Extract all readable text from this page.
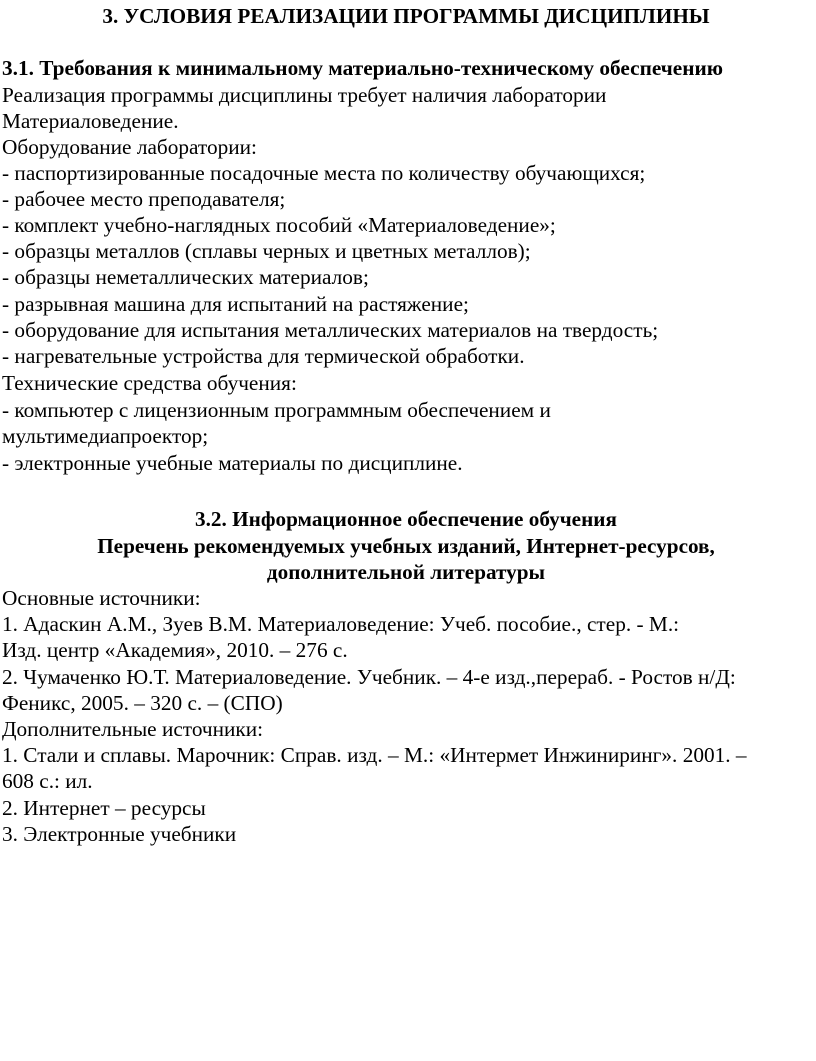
3. УСЛОВИЯ РЕАЛИЗАЦИИ ПРОГРАММЫ ДИСЦИПЛИНЫ
3.1. Требования к минимальному материально-техническому обеспечению
Реализация программы дисциплины требует наличия лаборатории
Материаловедение.
Оборудование лаборатории:
- паспортизированные посадочные места по количеству обучающихся;
- рабочее место преподавателя;
- комплект учебно-наглядных пособий «Материаловедение»;
- образцы металлов (сплавы черных и цветных металлов);
- образцы неметаллических материалов;
- разрывная машина для испытаний на растяжение;
- оборудование для испытания металлических материалов на твердость;
- нагревательные устройства для термической обработки.
Технические средства обучения:
- компьютер с лицензионным программным обеспечением и
мультимедиапроектор;
- электронные учебные материалы по дисциплине.
3.2. Информационное обеспечение обучения
Перечень рекомендуемых учебных изданий, Интернет-ресурсов,
дополнительной литературы
Основные источники:
1. Адаскин А.М., Зуев В.М. Материаловедение: Учеб. пособие., стер. - М.:
Изд. центр «Академия», 2010. – 276 с.
2. Чумаченко Ю.Т. Материаловедение. Учебник. – 4-е изд.,перераб. - Ростов н/Д:
Феникс, 2005. – 320 с. – (СПО)
Дополнительные источники:
1. Стали и сплавы. Марочник: Справ. изд. – М.: «Интермет Инжиниринг». 2001. –
608 с.: ил.
2. Интернет – ресурсы
3. Электронные учебники
